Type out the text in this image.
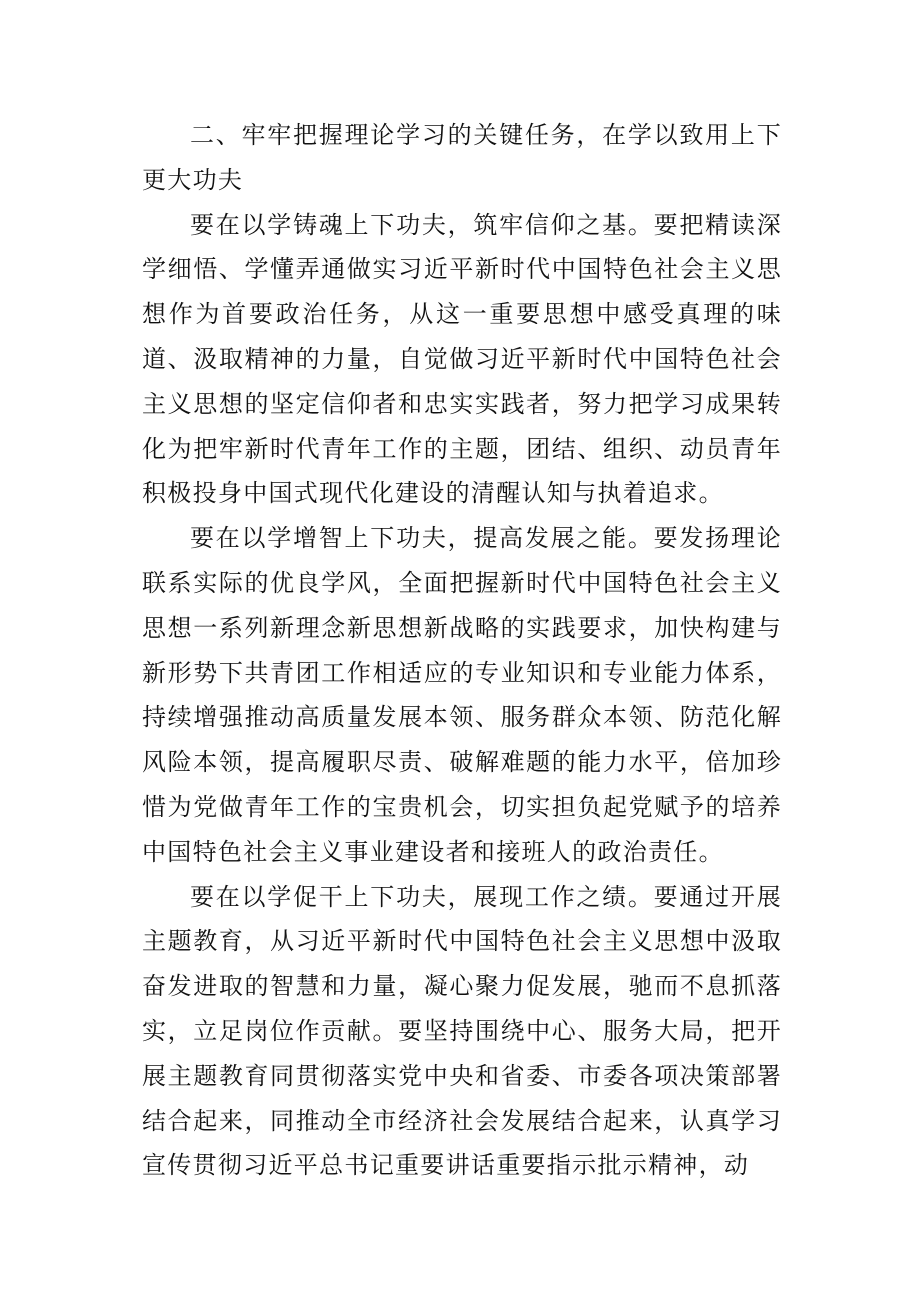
二、牢牢把握理论学习的关键任务，在学以致用上下更大功夫

要在以学铸魂上下功夫，筑牢信仰之基。要把精读深学细悟、学懂弄通做实习近平新时代中国特色社会主义思想作为首要政治任务，从这一重要思想中感受真理的味道、汲取精神的力量，自觉做习近平新时代中国特色社会主义思想的坚定信仰者和忠实实践者，努力把学习成果转化为把牢新时代青年工作的主题，团结、组织、动员青年积极投身中国式现代化建设的清醒认知与执着追求。

要在以学增智上下功夫，提高发展之能。要发扬理论联系实际的优良学风，全面把握新时代中国特色社会主义思想一系列新理念新思想新战略的实践要求，加快构建与新形势下共青团工作相适应的专业知识和专业能力体系，持续增强推动高质量发展本领、服务群众本领、防范化解风险本领，提高履职尽责、破解难题的能力水平，倍加珍惜为党做青年工作的宝贵机会，切实担负起党赋予的培养中国特色社会主义事业建设者和接班人的政治责任。

要在以学促干上下功夫，展现工作之绩。要通过开展主题教育，从习近平新时代中国特色社会主义思想中汲取奋发进取的智慧和力量，凝心聚力促发展，驰而不息抓落实，立足岗位作贡献。要坚持围绕中心、服务大局，把开展主题教育同贯彻落实党中央和省委、市委各项决策部署结合起来，同推动全市经济社会发展结合起来，认真学习宣传贯彻习近平总书记重要讲话重要指示批示精神，动
